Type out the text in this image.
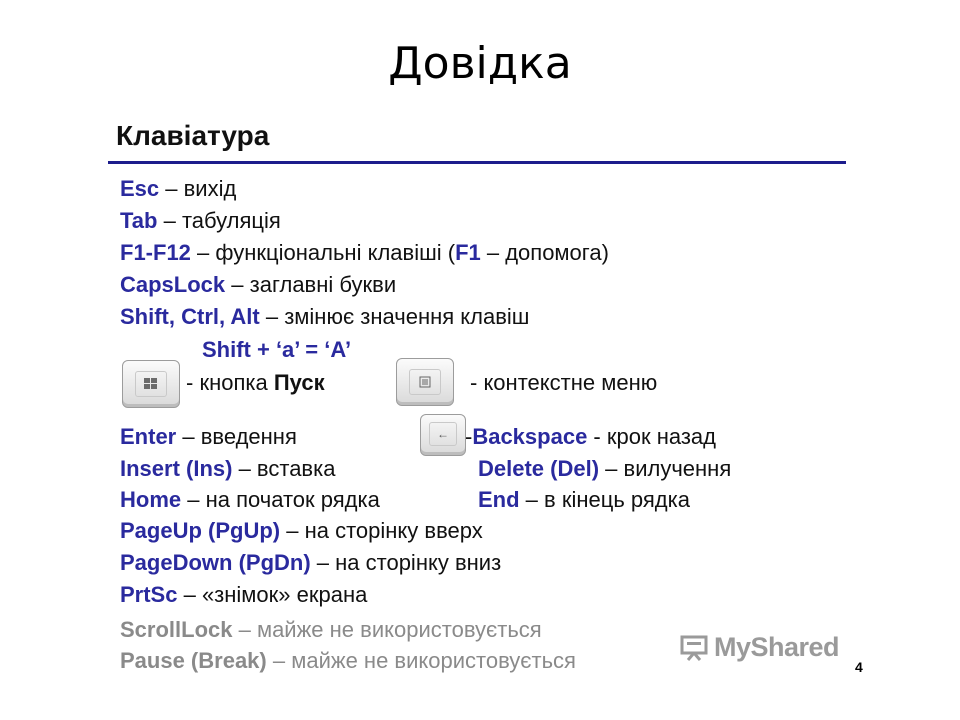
Довідка
Клавіатура
Esc – вихід
Tab – табуляція
F1-F12 – функціональні клавіші (F1 – допомога)
CapsLock – заглавні букви
Shift, Ctrl, Alt – змінює значення клавіш
Shift + ‘a’ = ‘A’
- кнопка Пуск	- контекстне меню
Enter – введення	← -Backspace - крок назад
Insert (Ins) – вставка	Delete (Del) – вилучення
Home – на початок рядка	End – в кінець рядка
PageUp (PgUp) – на сторінку вверх
PageDown (PgDn) – на сторінку вниз
PrtSc – «знімок» екрана
ScrollLock – майже не використовується
Pause (Break) – майже не використовується	MyShared
4
